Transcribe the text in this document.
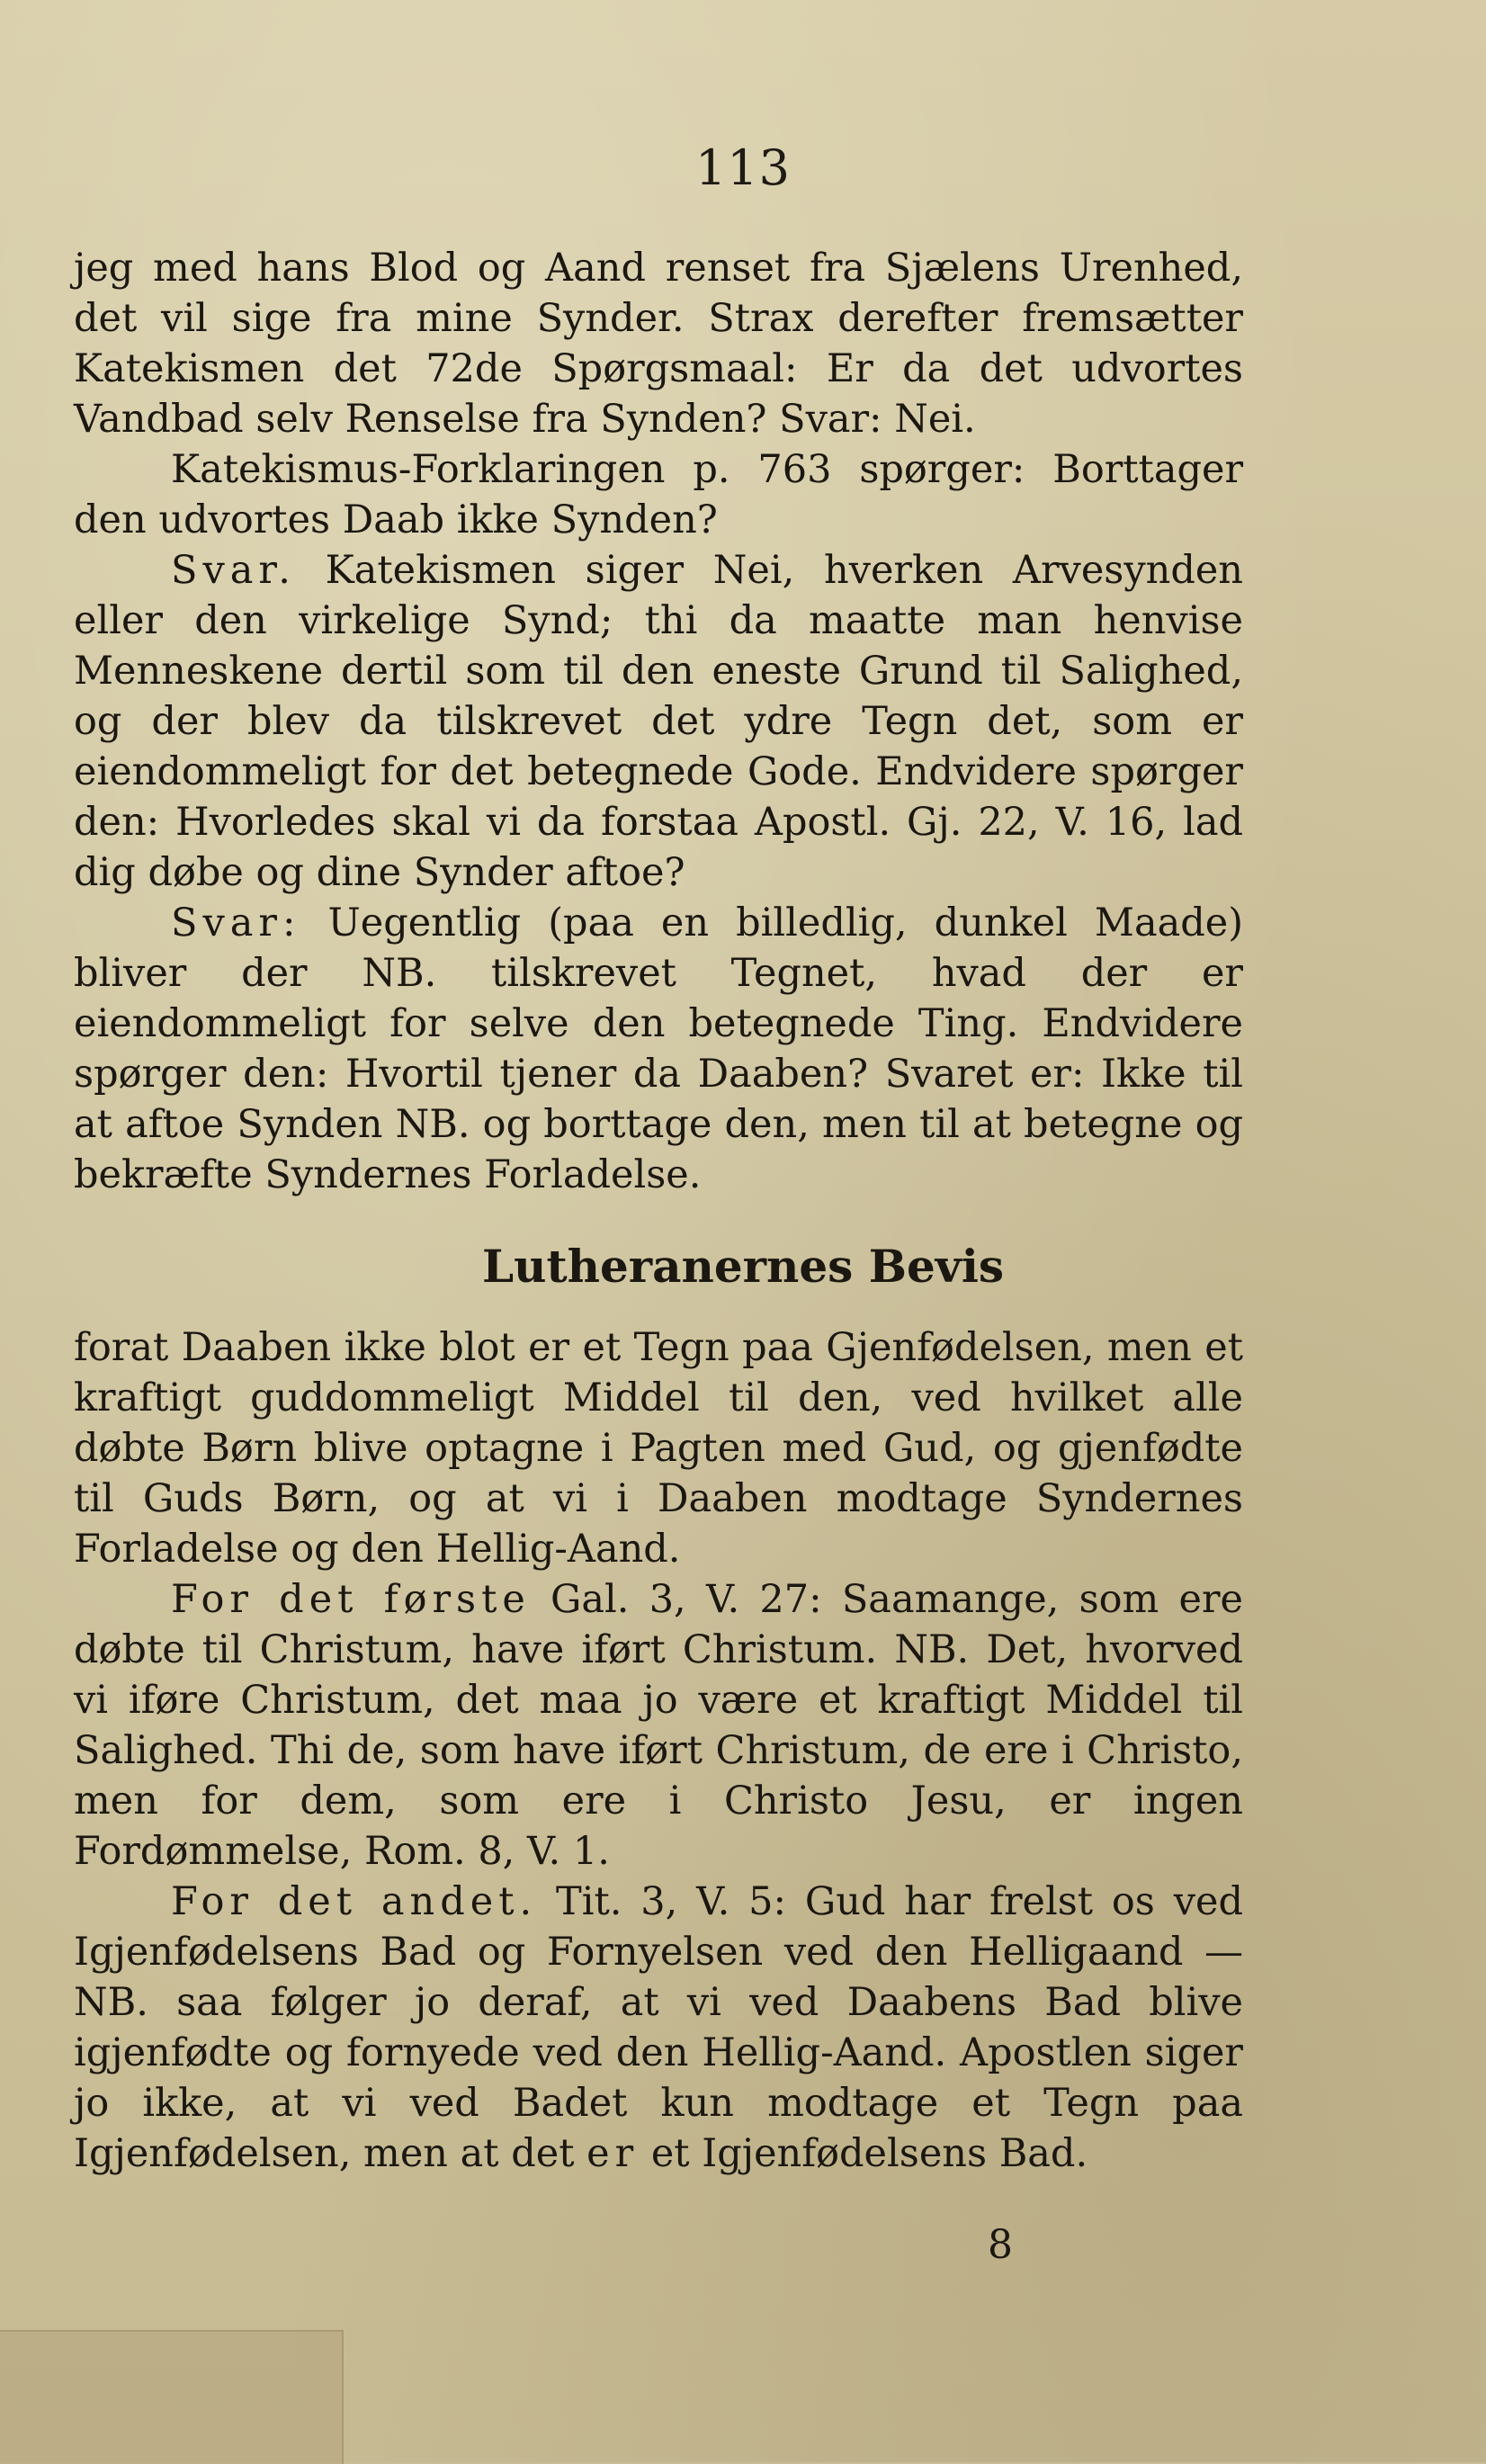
113

jeg med hans Blod og Aand renset fra Sjælens Urenhed, det vil sige fra mine Synder. Strax derefter fremsætter Katekismen det 72de Spørgsmaal: Er da det udvortes Vandbad selv Renselse fra Synden? Svar: Nei.

Katekismus-Forklaringen p. 763 spørger: Borttager den udvortes Daab ikke Synden?

Svar. Katekismen siger Nei, hverken Arvesynden eller den virkelige Synd; thi da maatte man henvise Menneskene dertil som til den eneste Grund til Salighed, og der blev da tilskrevet det ydre Tegn det, som er eiendommeligt for det betegnede Gode. Endvidere spørger den: Hvorledes skal vi da forstaa Apostl. Gj. 22, V. 16, lad dig døbe og dine Synder aftoe?

Svar: Uegentlig (paa en billedlig, dunkel Maade) bliver der NB. tilskrevet Tegnet, hvad der er eiendommeligt for selve den betegnede Ting. Endvidere spørger den: Hvortil tjener da Daaben? Svaret er: Ikke til at aftoe Synden NB. og borttage den, men til at betegne og bekræfte Syndernes Forladelse.

Lutheranernes Bevis

forat Daaben ikke blot er et Tegn paa Gjenfødelsen, men et kraftigt guddommeligt Middel til den, ved hvilket alle døbte Børn blive optagne i Pagten med Gud, og gjenfødte til Guds Børn, og at vi i Daaben modtage Syndernes Forladelse og den Hellig-Aand.

For det første Gal. 3, V. 27: Saamange, som ere døbte til Christum, have iført Christum. NB. Det, hvorved vi iføre Christum, det maa jo være et kraftigt Middel til Salighed. Thi de, som have iført Christum, de ere i Christo, men for dem, som ere i Christo Jesu, er ingen Fordømmelse, Rom. 8, V. 1.

For det andet. Tit. 3, V. 5: Gud har frelst os ved Igjenfødelsens Bad og Fornyelsen ved den Helligaand — NB. saa følger jo deraf, at vi ved Daabens Bad blive igjenfødte og fornyede ved den Hellig-Aand. Apostlen siger jo ikke, at vi ved Badet kun modtage et Tegn paa Igjenfødelsen, men at det er et Igjenfødelsens Bad.

8
